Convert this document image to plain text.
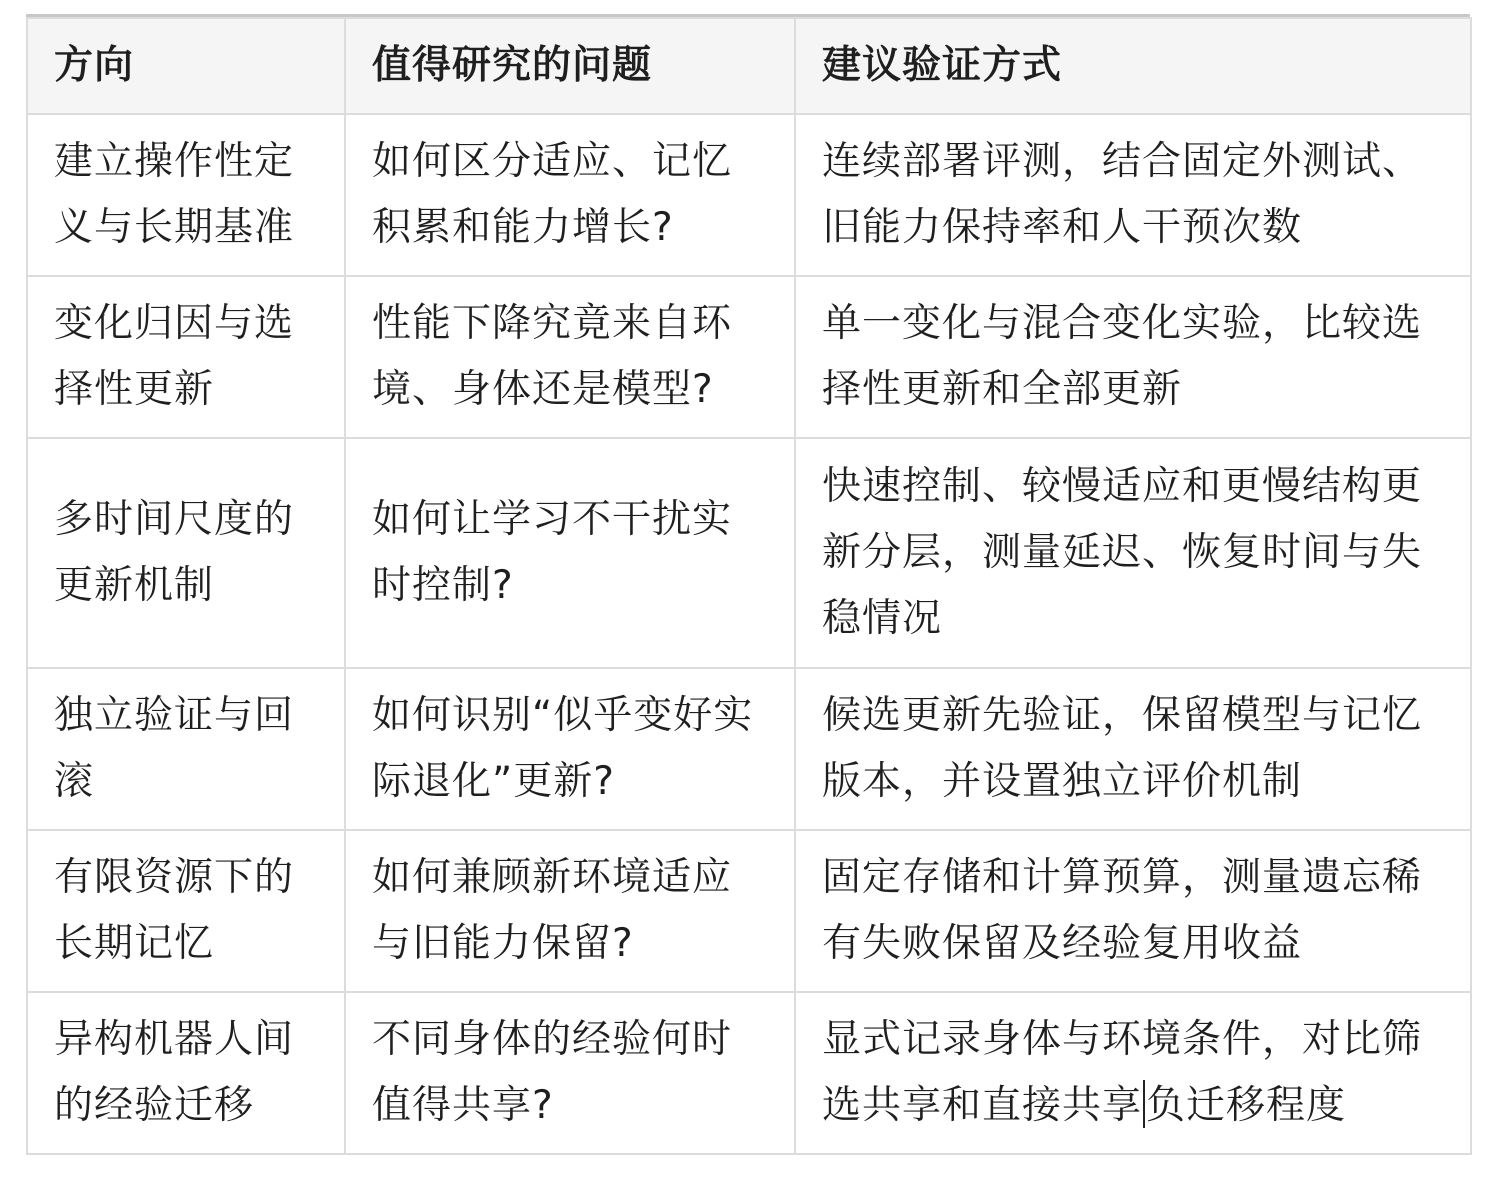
方向	值得研究的问题	建议验证方式
建立操作性定义与长期基准	如何区分适应、记忆积累和能力增长?	连续部署评测，结合固定外测试、旧能力保持率和人干预次数
变化归因与选择性更新	性能下降究竟来自环境、身体还是模型?	单一变化与混合变化实验，比较选择性更新和全部更新
多时间尺度的更新机制	如何让学习不干扰实时控制?	快速控制、较慢适应和更慢结构更新分层，测量延迟、恢复时间与失稳情况
独立验证与回滚	如何识别“似乎变好实际退化”更新?	候选更新先验证，保留模型与记忆版本，并设置独立评价机制
有限资源下的长期记忆	如何兼顾新环境适应与旧能力保留?	固定存储和计算预算，测量遗忘稀有失败保留及经验复用收益
异构机器人间的经验迁移	不同身体的经验何时值得共享?	显式记录身体与环境条件，对比筛选共享和直接共享 负迁移程度
